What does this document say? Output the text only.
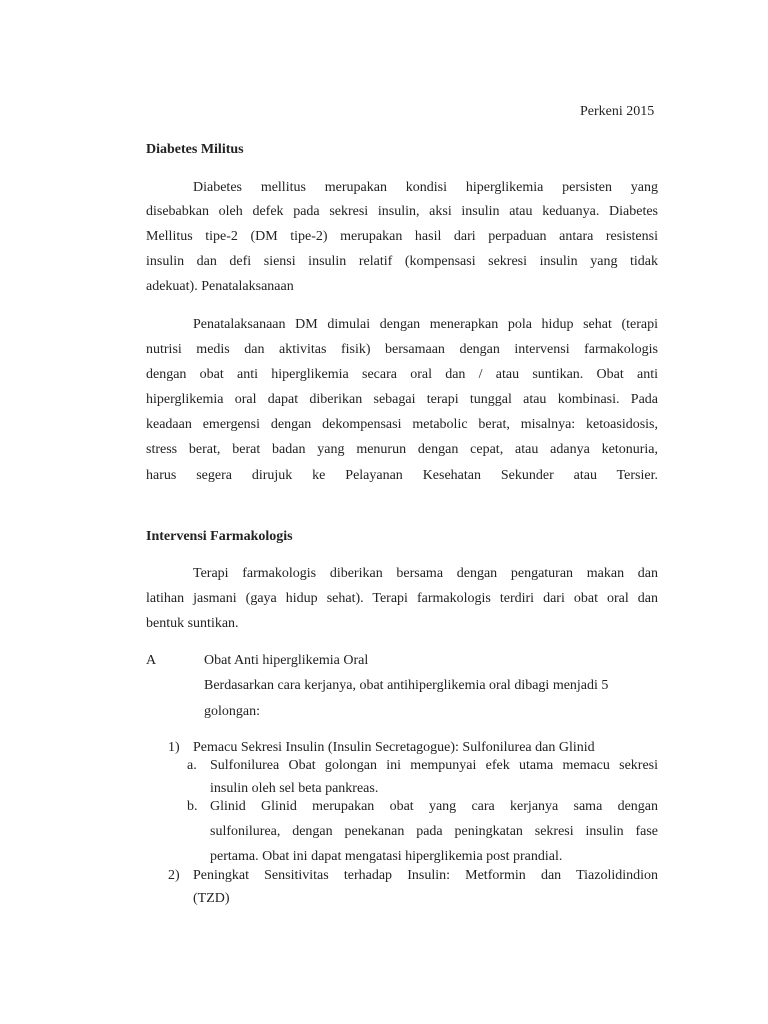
Perkeni 2015
Diabetes Militus
Diabetes mellitus merupakan kondisi hiperglikemia persisten yang
disebabkan oleh defek pada sekresi insulin, aksi insulin atau keduanya. Diabetes
Mellitus tipe-2 (DM tipe-2) merupakan hasil dari perpaduan antara resistensi
insulin dan defi siensi insulin relatif (kompensasi sekresi insulin yang tidak
adekuat). Penatalaksanaan
Penatalaksanaan DM dimulai dengan menerapkan pola hidup sehat (terapi
nutrisi medis dan aktivitas fisik) bersamaan dengan intervensi farmakologis
dengan obat anti hiperglikemia secara oral dan / atau suntikan. Obat anti
hiperglikemia oral dapat diberikan sebagai terapi tunggal atau kombinasi. Pada
keadaan emergensi dengan dekompensasi metabolic berat, misalnya: ketoasidosis,
stress berat, berat badan yang menurun dengan cepat, atau adanya ketonuria,
harus segera dirujuk ke Pelayanan Kesehatan Sekunder atau Tersier.
Intervensi Farmakologis
Terapi farmakologis diberikan bersama dengan pengaturan makan dan
latihan jasmani (gaya hidup sehat). Terapi farmakologis terdiri dari obat oral dan
bentuk suntikan.
A	Obat Anti hiperglikemia Oral
Berdasarkan cara kerjanya, obat antihiperglikemia oral dibagi menjadi 5
golongan:
1) Pemacu Sekresi Insulin (Insulin Secretagogue): Sulfonilurea dan Glinid
a. Sulfonilurea Obat golongan ini mempunyai efek utama memacu sekresi
insulin oleh sel beta pankreas.
b. Glinid Glinid merupakan obat yang cara kerjanya sama dengan
sulfonilurea, dengan penekanan pada peningkatan sekresi insulin fase
pertama. Obat ini dapat mengatasi hiperglikemia post prandial.
2) Peningkat Sensitivitas terhadap Insulin: Metformin dan Tiazolidindion
(TZD)
